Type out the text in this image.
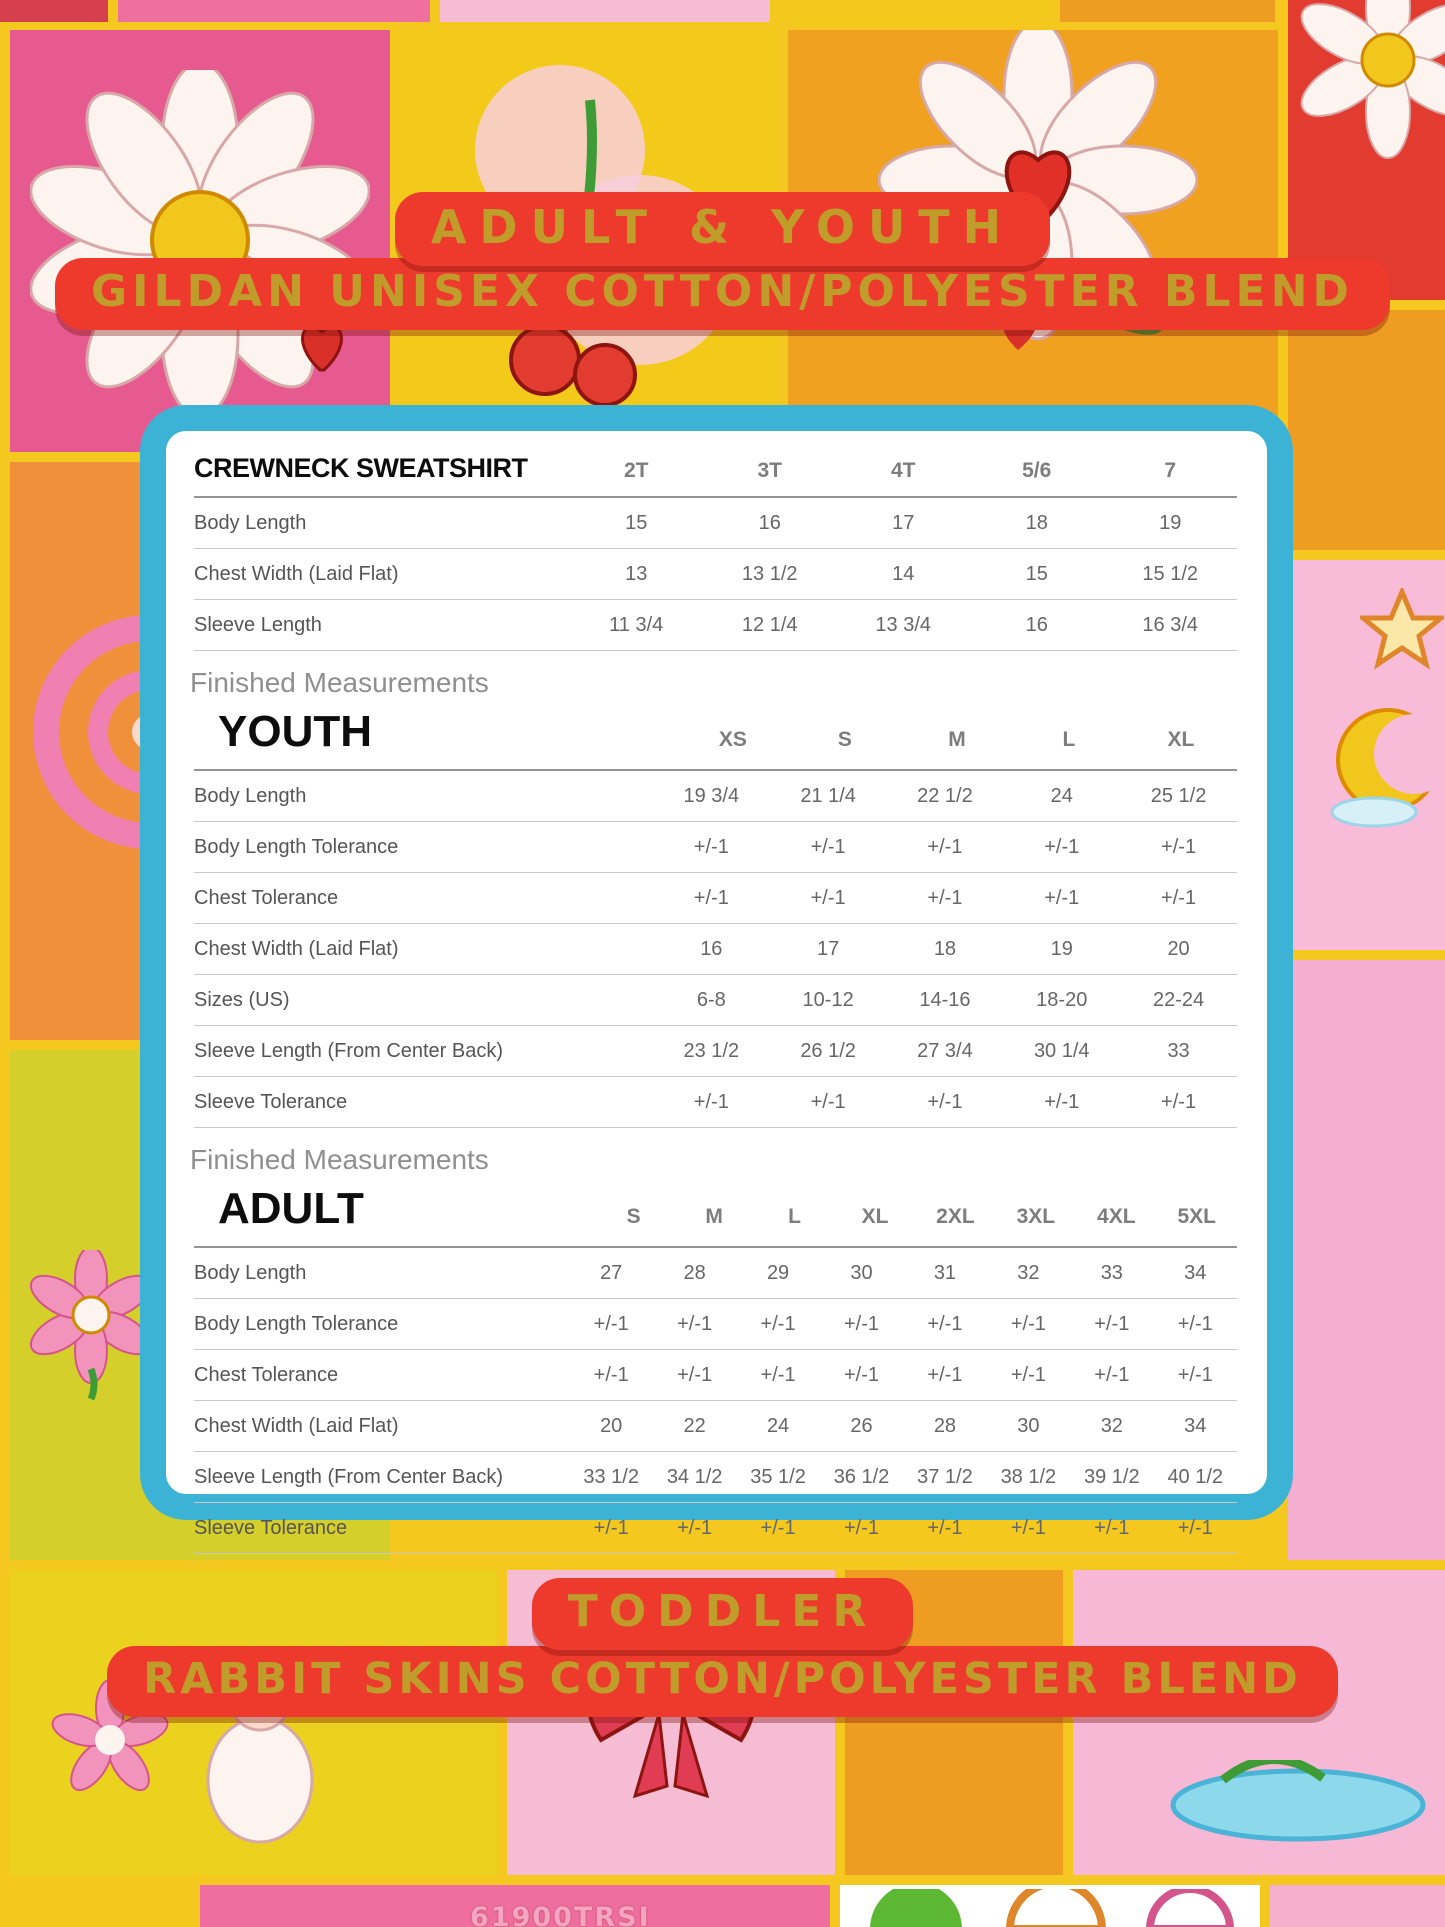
ADULT & YOUTH
GILDAN UNISEX COTTON/POLYESTER BLEND
CREWNECK SWEATSHIRT	2T	3T	4T	5/6	7
Body Length	15	16	17	18	19
Chest Width (Laid Flat)	13	13 1/2	14	15	15 1/2
Sleeve Length	11 3/4	12 1/4	13 3/4	16	16 3/4
Finished Measurements
YOUTH	XS	S	M	L	XL
Body Length	19 3/4	21 1/4	22 1/2	24	25 1/2
Body Length Tolerance	+/-1	+/-1	+/-1	+/-1	+/-1
Chest Tolerance	+/-1	+/-1	+/-1	+/-1	+/-1
Chest Width (Laid Flat)	16	17	18	19	20
Sizes (US)	6-8	10-12	14-16	18-20	22-24
Sleeve Length (From Center Back)	23 1/2	26 1/2	27 3/4	30 1/4	33
Sleeve Tolerance	+/-1	+/-1	+/-1	+/-1	+/-1
Finished Measurements
ADULT	S	M	L	XL	2XL	3XL	4XL	5XL
Body Length	27	28	29	30	31	32	33	34
Body Length Tolerance	+/-1	+/-1	+/-1	+/-1	+/-1	+/-1	+/-1	+/-1
Chest Tolerance	+/-1	+/-1	+/-1	+/-1	+/-1	+/-1	+/-1	+/-1
Chest Width (Laid Flat)	20	22	24	26	28	30	32	34
Sleeve Length (From Center Back)	33 1/2	34 1/2	35 1/2	36 1/2	37 1/2	38 1/2	39 1/2	40 1/2
Sleeve Tolerance	+/-1	+/-1	+/-1	+/-1	+/-1	+/-1	+/-1	+/-1
TODDLER
RABBIT SKINS COTTON/POLYESTER BLEND
61900TRSI
